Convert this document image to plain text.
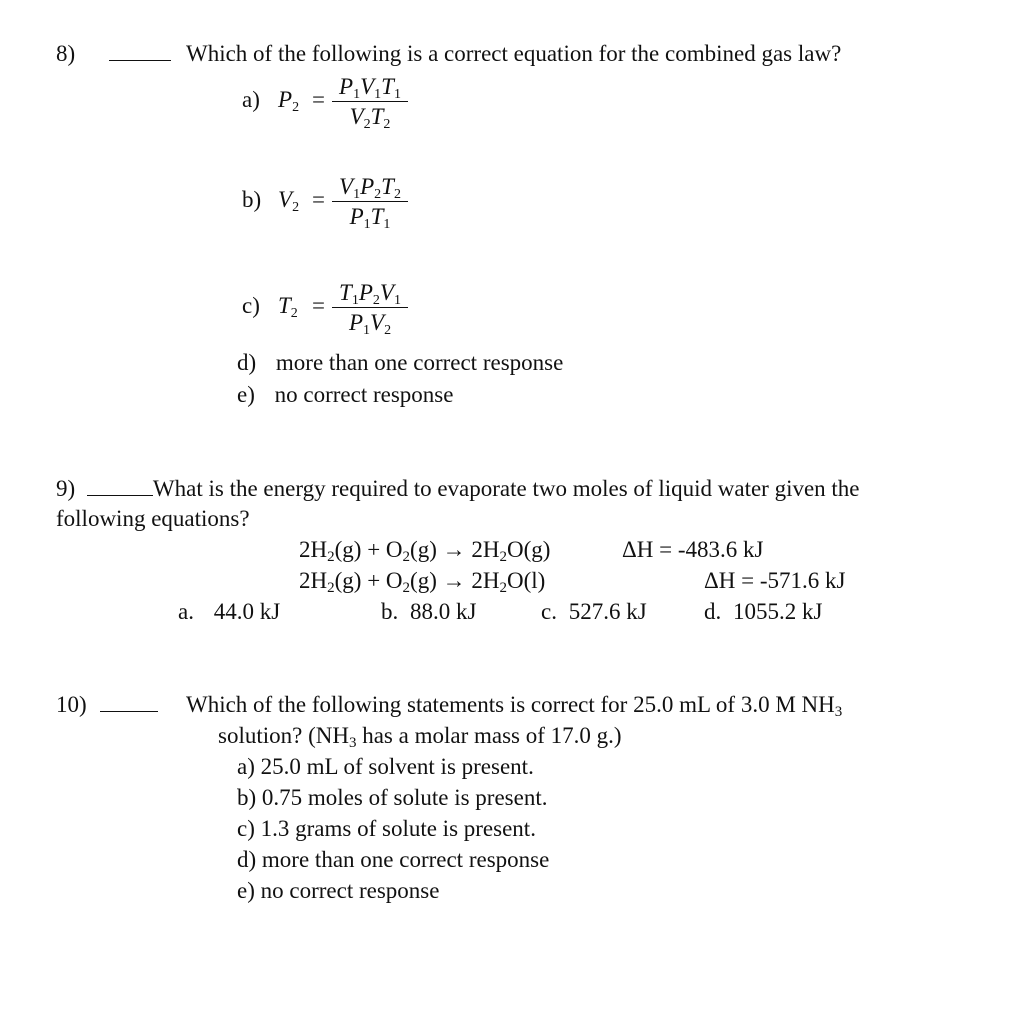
8)	Which of the following is a correct equation for the combined gas law?
a) $P_2$ =
$P_1V_1T_1$
$V_2T_2$
b) $V_2$ =
$V_1P_2T_2$
$P_1T_1$
c) $T_2$ =
$T_1P_2V_1$
$P_1V_2$
d) more than one correct response
e) no correct response
9)	What is the energy required to evaporate two moles of liquid water given the
following equations?
$2H_2(g) + O_2(g) \to 2H_2O(g)$	ΔH = -483.6 kJ
$2H_2(g) + O_2(g) \to 2H_2O(l)$	ΔH = -571.6 kJ
a. 44.0 kJ	b. 88.0 kJ	c. 527.6 kJ d. 1055.2 kJ
10)	Which of the following statements is correct for 25.0 mL of 3.0 M $NH_3$
solution? ($NH_3$ has a molar mass of 17.0 g.)
a) 25.0 mL of solvent is present.
b) 0.75 moles of solute is present.
c) 1.3 grams of solute is present.
d) more than one correct response
e) no correct response
